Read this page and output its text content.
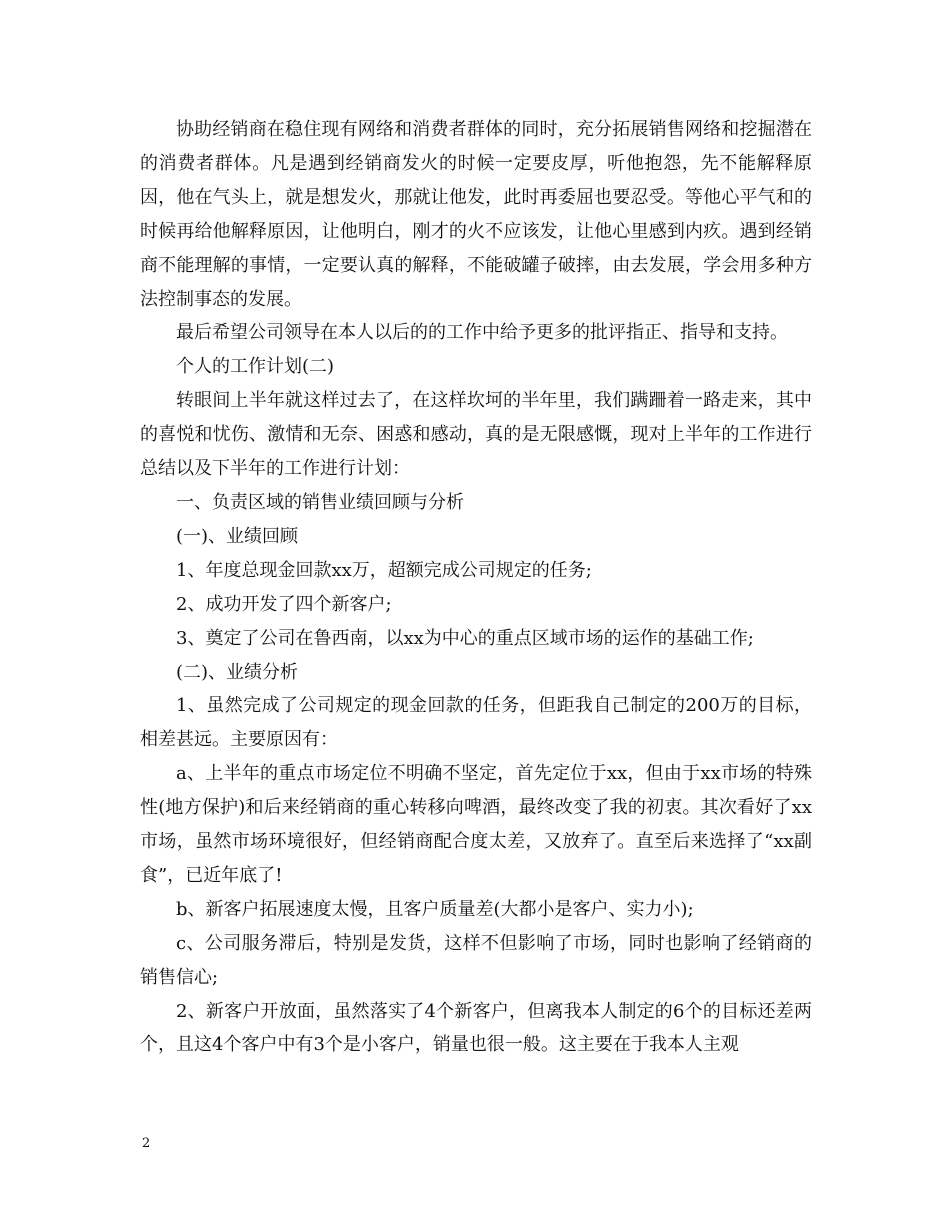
协助经销商在稳住现有网络和消费者群体的同时，充分拓展销售网络和挖掘潜在的消费者群体。凡是遇到经销商发火的时候一定要皮厚，听他抱怨，先不能解释原因，他在气头上，就是想发火，那就让他发，此时再委屈也要忍受。等他心平气和的时候再给他解释原因，让他明白，刚才的火不应该发，让他心里感到内疚。遇到经销商不能理解的事情，一定要认真的解释，不能破罐子破摔，由去发展，学会用多种方法控制事态的发展。

最后希望公司领导在本人以后的的工作中给予更多的批评指正、指导和支持。

个人的工作计划(二)

转眼间上半年就这样过去了，在这样坎坷的半年里，我们蹒跚着一路走来，其中的喜悦和忧伤、激情和无奈、困惑和感动，真的是无限感慨，现对上半年的工作进行总结以及下半年的工作进行计划：

一、负责区域的销售业绩回顾与分析

(一)、业绩回顾

1、年度总现金回款xx万，超额完成公司规定的任务;

2、成功开发了四个新客户;

3、奠定了公司在鲁西南，以xx为中心的重点区域市场的运作的基础工作;

(二)、业绩分析

1、虽然完成了公司规定的现金回款的任务，但距我自己制定的200万的目标，相差甚远。主要原因有：

a、上半年的重点市场定位不明确不坚定，首先定位于xx，但由于xx市场的特殊性(地方保护)和后来经销商的重心转移向啤酒，最终改变了我的初衷。其次看好了xx市场，虽然市场环境很好，但经销商配合度太差，又放弃了。直至后来选择了“xx副食”，已近年底了!

b、新客户拓展速度太慢，且客户质量差(大都小是客户、实力小);

c、公司服务滞后，特别是发货，这样不但影响了市场，同时也影响了经销商的销售信心;

2、新客户开放面，虽然落实了4个新客户，但离我本人制定的6个的目标还差两个，且这4个客户中有3个是小客户，销量也很一般。这主要在于我本人主观

2
